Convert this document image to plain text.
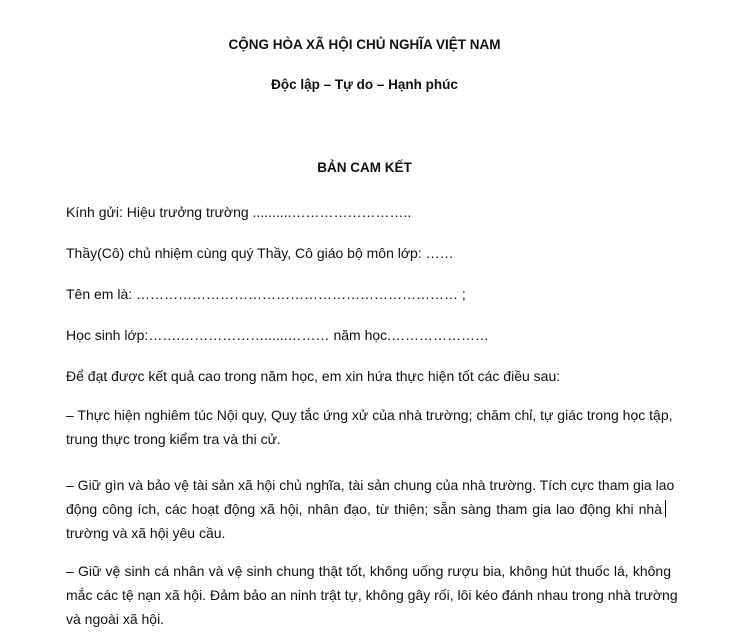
CỘNG HÒA XÃ HỘI CHỦ NGHĨA VIỆT NAM
Độc lập – Tự do – Hạnh phúc
BẢN CAM KẾT
Kính gửi: Hiệu trưởng trường ..........……………………..
Thầy(Cô) chủ nhiệm cùng quý Thầy, Cô giáo bộ môn lớp: ……
Tên em là: …………………………………………………………… ;
Học sinh lớp:…….………………......……… năm học.…………………
Để đạt được kết quả cao trong năm học, em xin hứa thực hiện tốt các điều sau:
– Thực hiện nghiêm túc Nội quy, Quy tắc ứng xử của nhà trường; chăm chỉ, tự giác trong học tập,
trung thực trong kiểm tra và thi cử.
– Giữ gìn và bảo vệ tài sản xã hội chủ nghĩa, tài sản chung của nhà trường. Tích cực tham gia lao
động công ích, các hoạt động xã hội, nhân đạo, từ thiện; sẵn sàng tham gia lao động khi nhà
trường và xã hội yêu cầu.
– Giữ vệ sinh cá nhân và vệ sinh chung thật tốt, không uống rượu bia, không hút thuốc lá, không
mắc các tệ nạn xã hội. Đảm bảo an ninh trật tự, không gây rối, lôi kéo đánh nhau trong nhà trường
và ngoài xã hội.
